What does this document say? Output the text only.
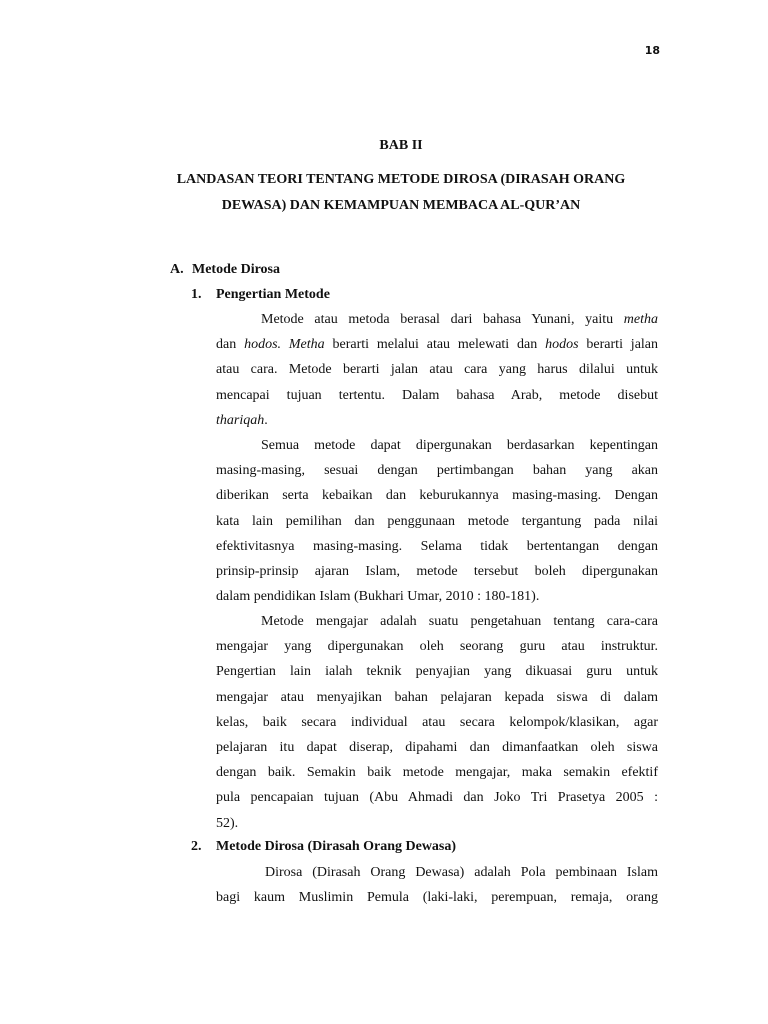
18
BAB II
LANDASAN TEORI TENTANG METODE DIROSA (DIRASAH ORANG
DEWASA) DAN KEMAMPUAN MEMBACA AL-QUR’AN
A. Metode Dirosa
1. Pengertian Metode
Metode atau metoda berasal dari bahasa Yunani, yaitu metha
dan hodos. Metha berarti melalui atau melewati dan hodos berarti jalan
atau cara. Metode berarti jalan atau cara yang harus dilalui untuk
mencapai tujuan tertentu. Dalam bahasa Arab, metode disebut
thariqah.
Semua metode dapat dipergunakan berdasarkan kepentingan
masing-masing, sesuai dengan pertimbangan bahan yang akan
diberikan serta kebaikan dan keburukannya masing-masing. Dengan
kata lain pemilihan dan penggunaan metode tergantung pada nilai
efektivitasnya masing-masing. Selama tidak bertentangan dengan
prinsip-prinsip ajaran Islam, metode tersebut boleh dipergunakan
dalam pendidikan Islam (Bukhari Umar, 2010 : 180-181).
Metode mengajar adalah suatu pengetahuan tentang cara-cara
mengajar yang dipergunakan oleh seorang guru atau instruktur.
Pengertian lain ialah teknik penyajian yang dikuasai guru untuk
mengajar atau menyajikan bahan pelajaran kepada siswa di dalam
kelas, baik secara individual atau secara kelompok/klasikan, agar
pelajaran itu dapat diserap, dipahami dan dimanfaatkan oleh siswa
dengan baik. Semakin baik metode mengajar, maka semakin efektif
pula pencapaian tujuan (Abu Ahmadi dan Joko Tri Prasetya 2005 :
52).
2. Metode Dirosa (Dirasah Orang Dewasa)
Dirosa (Dirasah Orang Dewasa) adalah Pola pembinaan Islam
bagi kaum Muslimin Pemula (laki-laki, perempuan, remaja, orang
